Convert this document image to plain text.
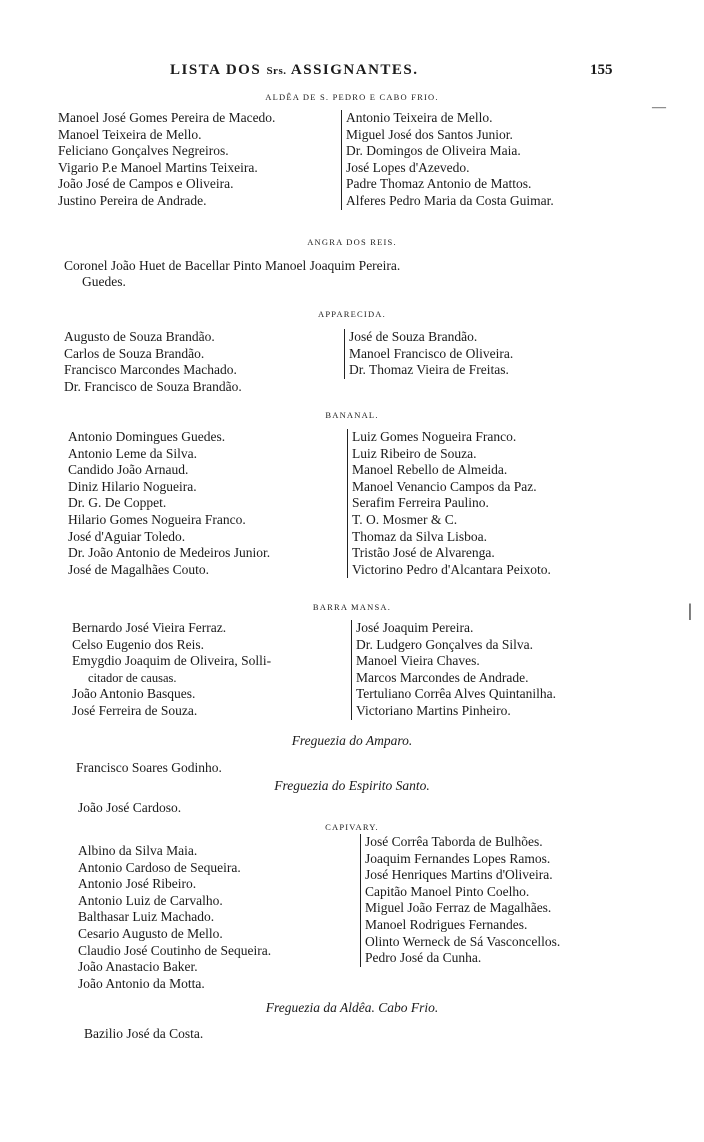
LISTA DOS Srs. ASSIGNANTES.	155
ALDÊA DE S. PEDRO E CABO FRIO.
Manoel José Gomes Pereira de Macedo.
Manoel Teixeira de Mello.
Feliciano Gonçalves Negreiros.
Vigario P.e Manoel Martins Teixeira.
João José de Campos e Oliveira.
Justino Pereira de Andrade.
Antonio Teixeira de Mello.
Miguel José dos Santos Junior.
Dr. Domingos de Oliveira Maia.
José Lopes d'Azevedo.
Padre Thomaz Antonio de Mattos.
Alferes Pedro Maria da Costa Guimar.
ANGRA DOS REIS.
Coronel João Huet de Bacellar Pinto Manoel Joaquim Pereira.
Guedes.
APPARECIDA.
Augusto de Souza Brandão.
Carlos de Souza Brandão.
Francisco Marcondes Machado.
Dr. Francisco de Souza Brandão.
José de Souza Brandão.
Manoel Francisco de Oliveira.
Dr. Thomaz Vieira de Freitas.
BANANAL.
Antonio Domingues Guedes.
Antonio Leme da Silva.
Candido João Arnaud.
Diniz Hilario Nogueira.
Dr. G. De Coppet.
Hilario Gomes Nogueira Franco.
José d'Aguiar Toledo.
Dr. João Antonio de Medeiros Junior.
José de Magalhães Couto.
Luiz Gomes Nogueira Franco.
Luiz Ribeiro de Souza.
Manoel Rebello de Almeida.
Manoel Venancio Campos da Paz.
Serafim Ferreira Paulino.
T. O. Mosmer & C.
Thomaz da Silva Lisboa.
Tristão José de Alvarenga.
Victorino Pedro d'Alcantara Peixoto.
BARRA MANSA.
Bernardo José Vieira Ferraz.
Celso Eugenio dos Reis.
Emygdio Joaquim de Oliveira, Solli-
citador de causas.
João Antonio Basques.
José Ferreira de Souza.
José Joaquim Pereira.
Dr. Ludgero Gonçalves da Silva.
Manoel Vieira Chaves.
Marcos Marcondes de Andrade.
Tertuliano Corrêa Alves Quintanilha.
Victoriano Martins Pinheiro.
Freguezia do Amparo.
Francisco Soares Godinho.
Freguezia do Espirito Santo.
João José Cardoso.
CAPIVARY.
Albino da Silva Maia.
Antonio Cardoso de Sequeira.
Antonio José Ribeiro.
Antonio Luiz de Carvalho.
Balthasar Luiz Machado.
Cesario Augusto de Mello.
Claudio José Coutinho de Sequeira.
João Anastacio Baker.
João Antonio da Motta.
José Corrêa Taborda de Bulhões.
Joaquim Fernandes Lopes Ramos.
José Henriques Martins d'Oliveira.
Capitão Manoel Pinto Coelho.
Miguel João Ferraz de Magalhães.
Manoel Rodrigues Fernandes.
Olinto Werneck de Sá Vasconcellos.
Pedro José da Cunha.
Freguezia da Aldêa. Cabo Frio.
Bazilio José da Costa.
—
|
